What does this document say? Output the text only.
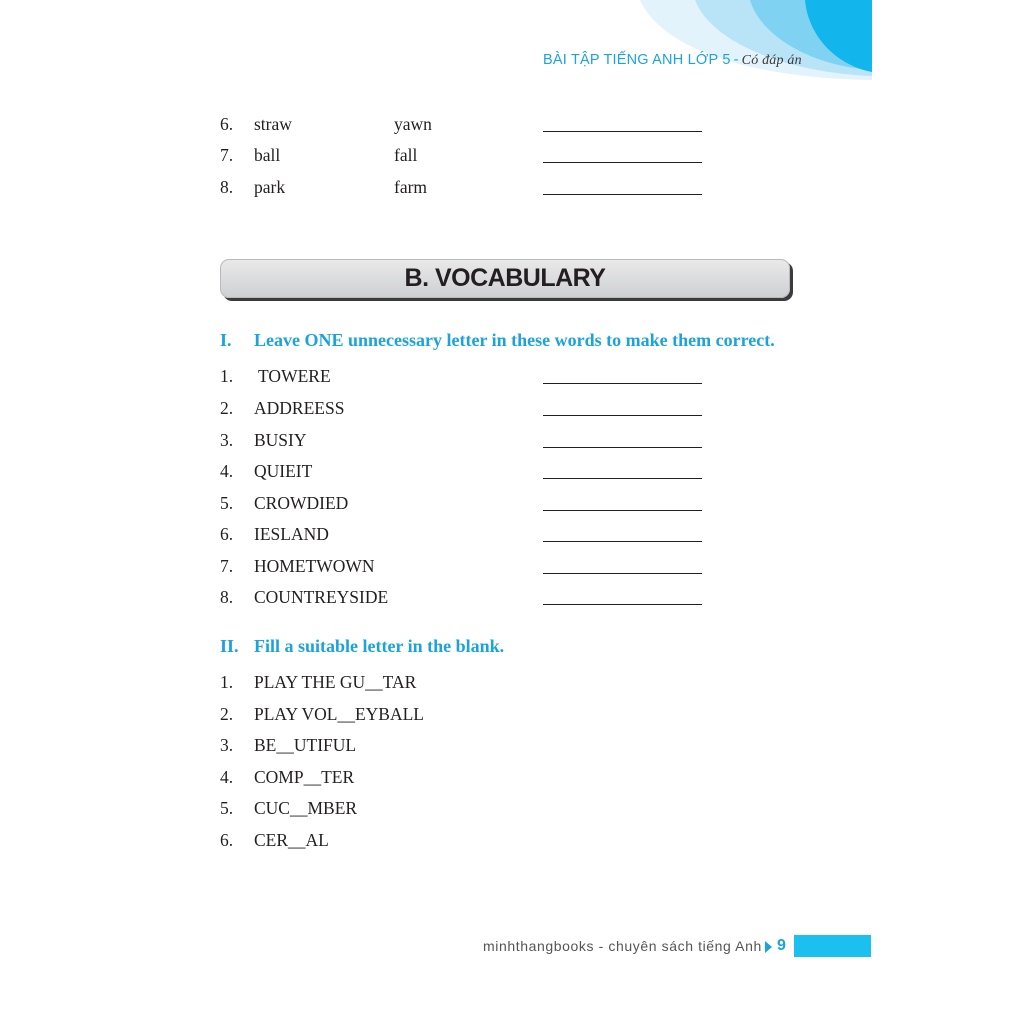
BÀI TẬP TIẾNG ANH LỚP 5 - Có đáp án
6. straw	yawn
7. ball	fall
8. park	farm
B. VOCABULARY
I. Leave ONE unnecessary letter in these words to make them correct.
1. TOWERE
2. ADDREESS
3. BUSIY
4. QUIEIT
5. CROWDIED
6. IESLAND
7. HOMETWOWN
8. COUNTREYSIDE
II. Fill a suitable letter in the blank.
1. PLAY THE GU__TAR
2. PLAY VOL__EYBALL
3. BE__UTIFUL
4. COMP__TER
5. CUC__MBER
6. CER__AL
minhthangbooks - chuyên sách tiếng Anh 9
